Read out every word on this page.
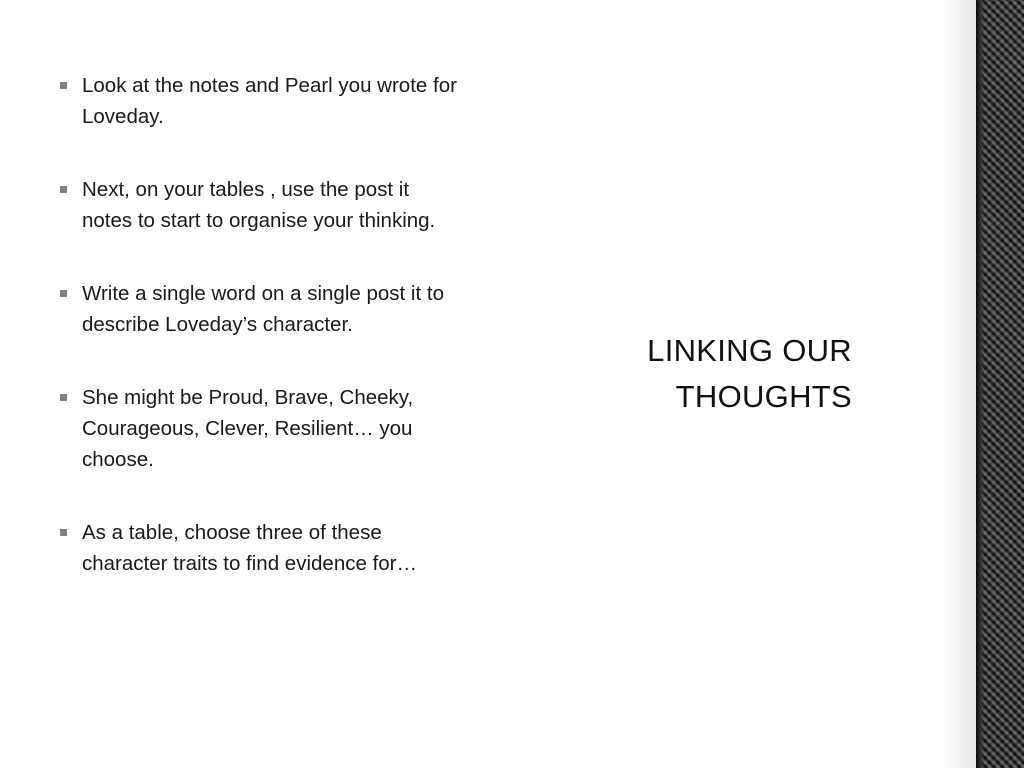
Look at the notes and Pearl you wrote for Loveday.
Next, on your tables , use the post it notes to start to organise your thinking.
Write a single word on a single post it to describe Loveday’s character.
She might be Proud, Brave, Cheeky, Courageous, Clever, Resilient… you choose.
As a table, choose three of these character traits to find evidence for…
LINKING OUR
THOUGHTS
